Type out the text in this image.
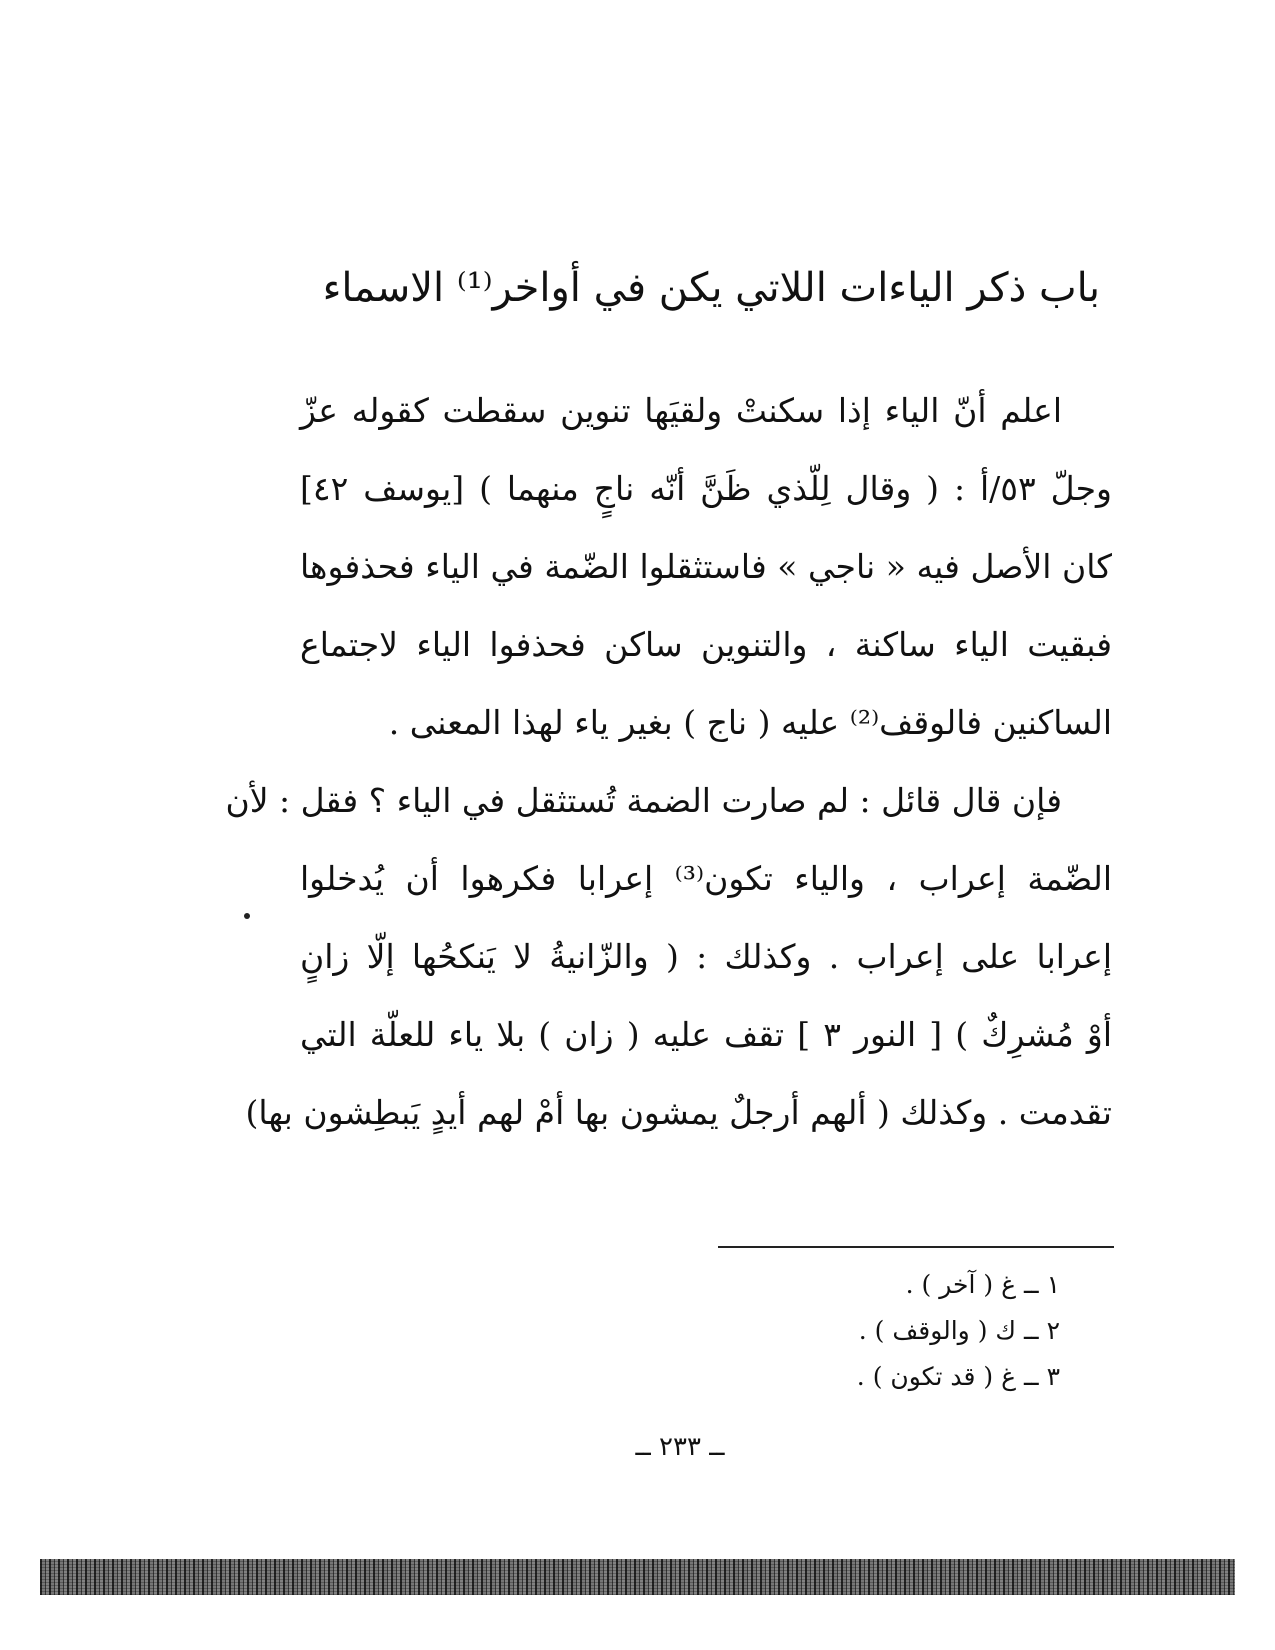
باب ذكر الياءات اللاتي يكن في أواخر⁽¹⁾ الاسماء
اعلم أنّ الياء إذا سكنتْ ولقيَها تنوين سقطت كقوله عزّ
وجلّ ٥٣/أ : ( وقال لِلّذي ظَنَّ أنّه ناجٍ منهما ) [يوسف ٤٢]
كان الأصل فيه « ناجي » فاستثقلوا الضّمة في الياء فحذفوها
فبقيت الياء ساكنة ، والتنوين ساكن فحذفوا الياء لاجتماع
الساكنين فالوقف⁽²⁾ عليه ( ناج ) بغير ياء لهذا المعنى .
فإن قال قائل : لم صارت الضمة تُستثقل في الياء ؟ فقل : لأن
الضّمة إعراب ، والياء تكون⁽³⁾ إعرابا فكرهوا أن يُدخلوا
إعرابا على إعراب . وكذلك : ( والزّانيةُ لا يَنكحُها إلّا زانٍ
أوْ مُشرِكٌ ) [ النور ٣ ] تقف عليه ( زان ) بلا ياء للعلّة التي
تقدمت . وكذلك ( ألهم أرجلٌ يمشون بها أمْ لهم أيدٍ يَبطِشون بها)
١ ــ غ ( آخر ) .
٢ ــ ك ( والوقف ) .
٣ ــ غ ( قد تكون ) .
ــ ٢٣٣ ــ
